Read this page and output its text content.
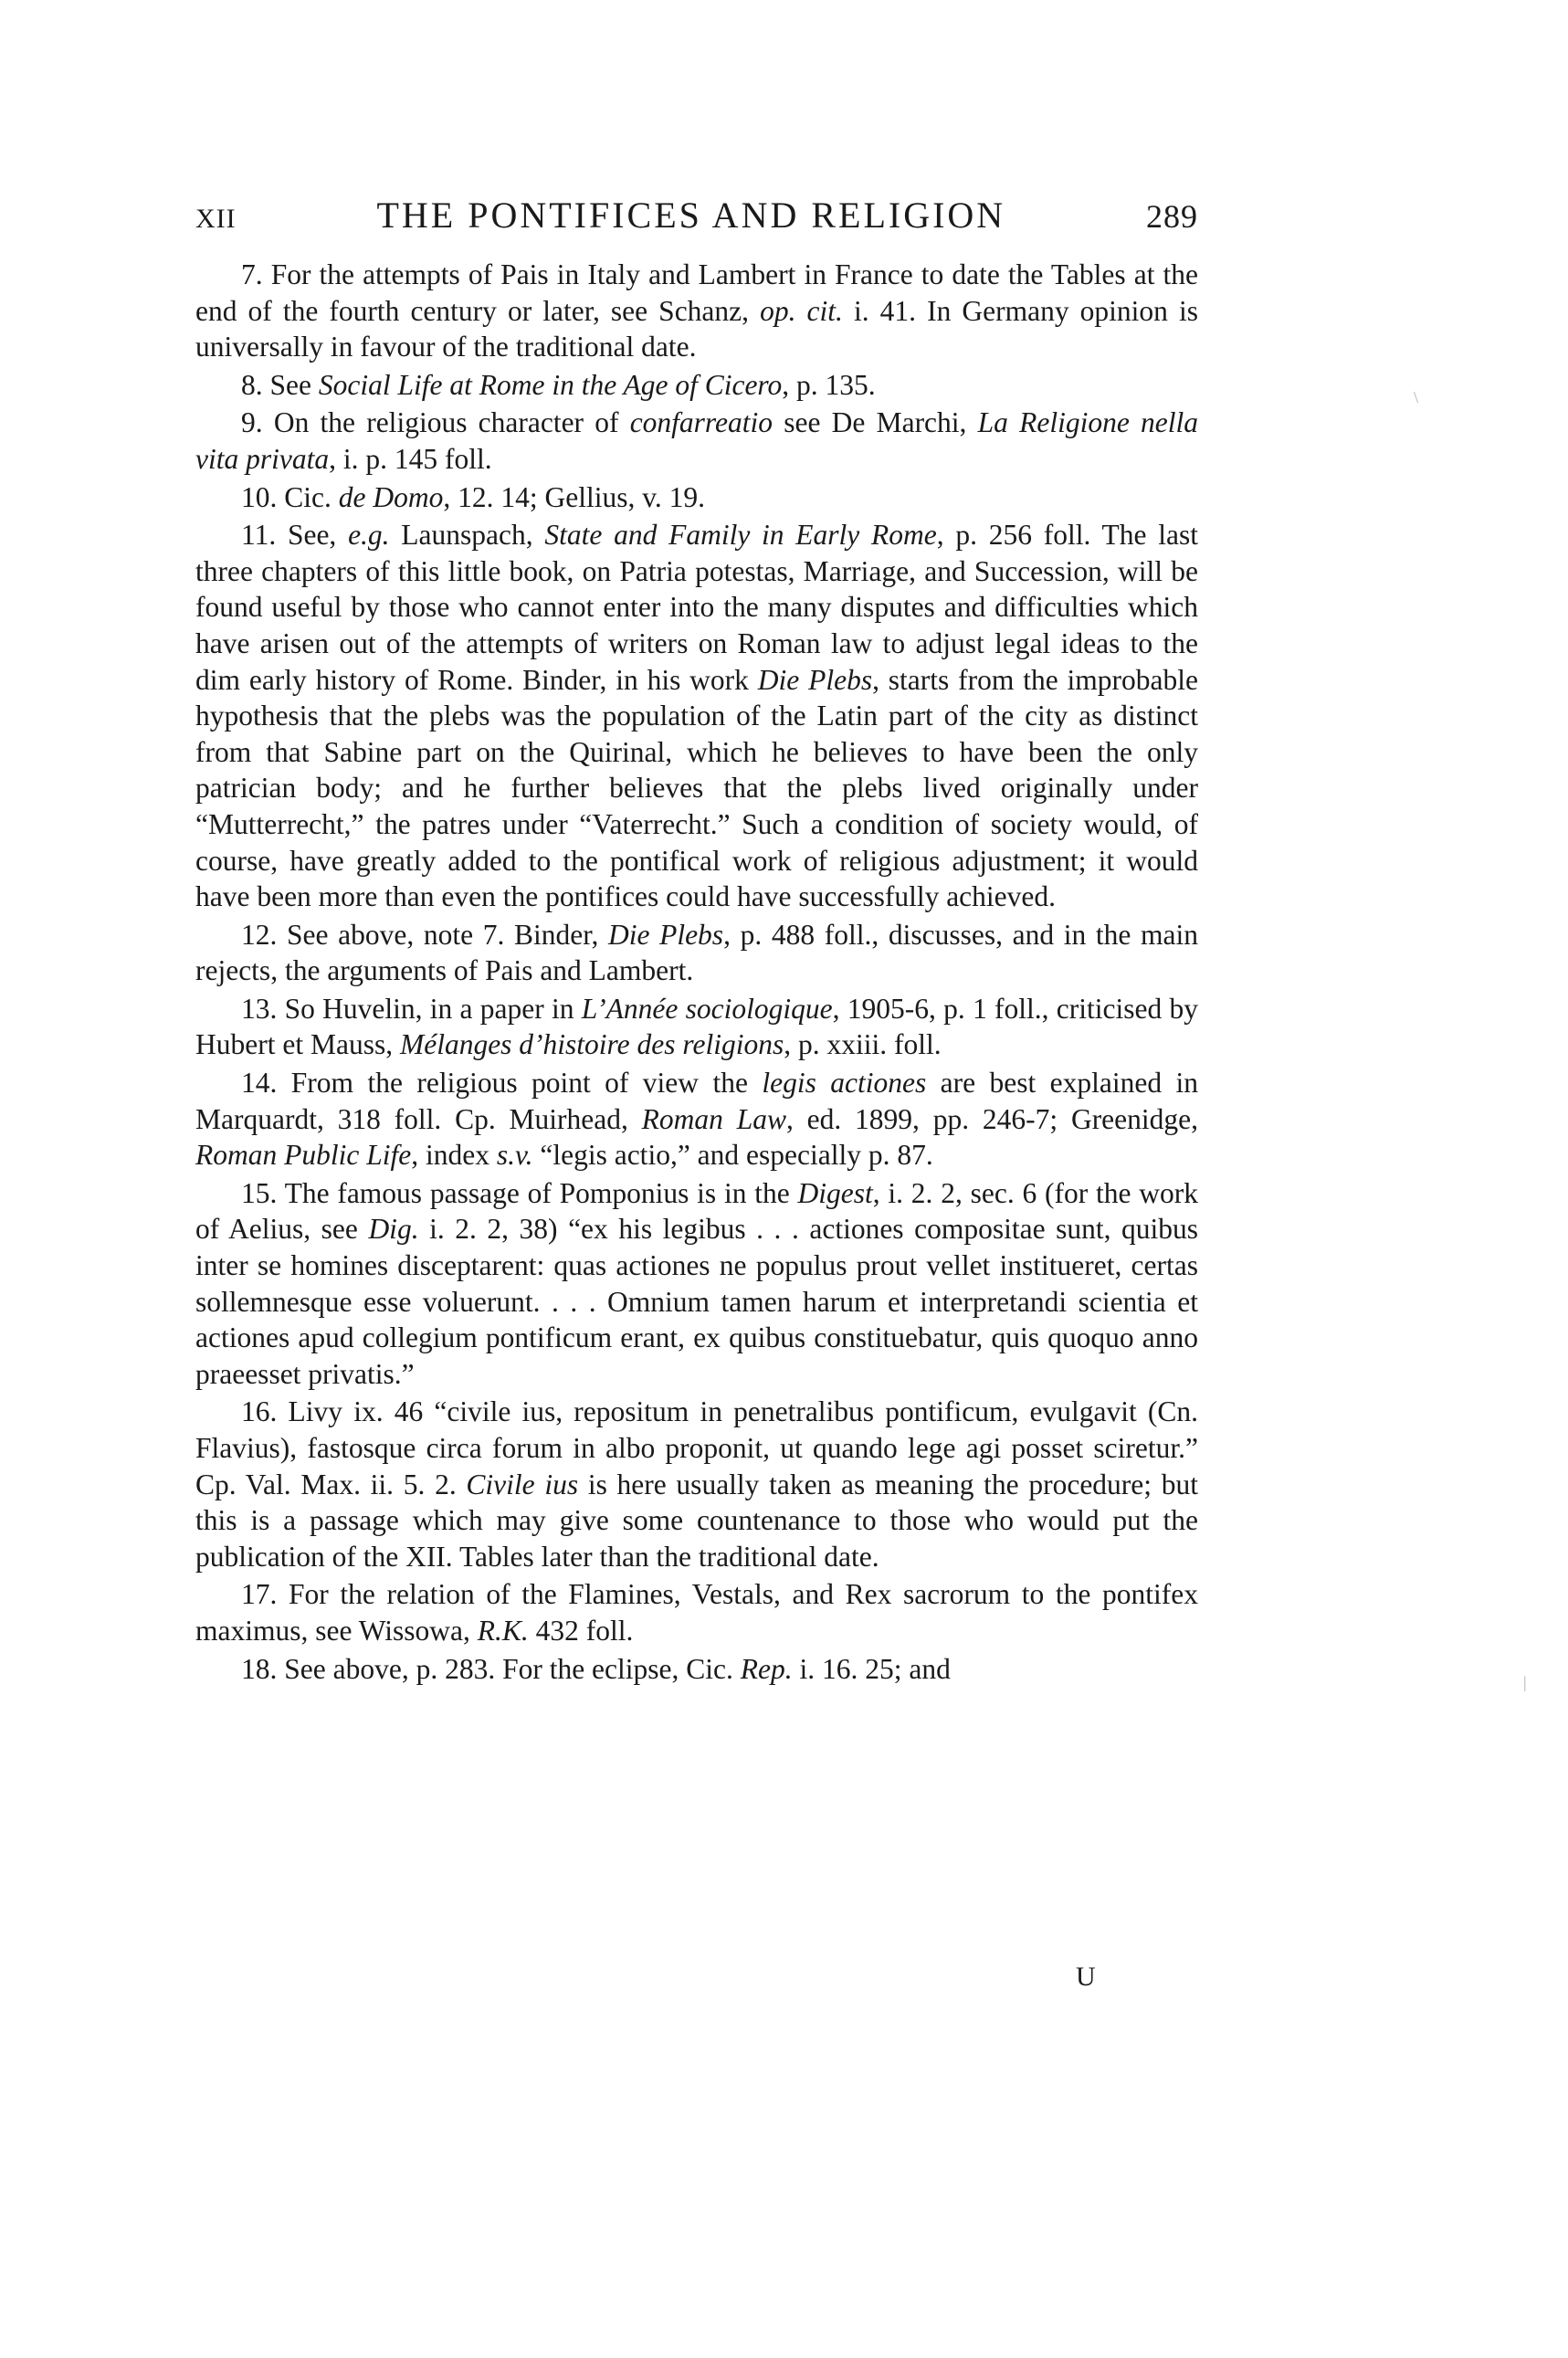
XII	THE PONTIFICES AND RELIGION	289

7. For the attempts of Pais in Italy and Lambert in France to date the Tables at the end of the fourth century or later, see Schanz, op. cit. i. 41. In Germany opinion is universally in favour of the traditional date.

8. See Social Life at Rome in the Age of Cicero, p. 135.

9. On the religious character of confarreatio see De Marchi, La Religione nella vita privata, i. p. 145 foll.

10. Cic. de Domo, 12. 14; Gellius, v. 19.

11. See, e.g. Launspach, State and Family in Early Rome, p. 256 foll. The last three chapters of this little book, on Patria potestas, Marriage, and Succession, will be found useful by those who cannot enter into the many disputes and difficulties which have arisen out of the attempts of writers on Roman law to adjust legal ideas to the dim early history of Rome. Binder, in his work Die Plebs, starts from the improbable hypothesis that the plebs was the population of the Latin part of the city as distinct from that Sabine part on the Quirinal, which he believes to have been the only patrician body; and he further believes that the plebs lived originally under “Mutterrecht,” the patres under “Vaterrecht.” Such a condition of society would, of course, have greatly added to the pontifical work of religious adjustment; it would have been more than even the pontifices could have successfully achieved.

12. See above, note 7. Binder, Die Plebs, p. 488 foll., discusses, and in the main rejects, the arguments of Pais and Lambert.

13. So Huvelin, in a paper in L’Année sociologique, 1905-6, p. 1 foll., criticised by Hubert et Mauss, Mélanges d’histoire des religions, p. xxiii. foll.

14. From the religious point of view the legis actiones are best explained in Marquardt, 318 foll. Cp. Muirhead, Roman Law, ed. 1899, pp. 246-7; Greenidge, Roman Public Life, index s.v. “legis actio,” and especially p. 87.

15. The famous passage of Pomponius is in the Digest, i. 2. 2, sec. 6 (for the work of Aelius, see Dig. i. 2. 2, 38) “ex his legibus . . . actiones compositae sunt, quibus inter se homines disceptarent: quas actiones ne populus prout vellet institueret, certas sollemnesque esse voluerunt. . . . Omnium tamen harum et interpretandi scientia et actiones apud collegium pontificum erant, ex quibus constituebatur, quis quoquo anno praeesset privatis.”

16. Livy ix. 46 “civile ius, repositum in penetralibus pontificum, evulgavit (Cn. Flavius), fastosque circa forum in albo proponit, ut quando lege agi posset sciretur.” Cp. Val. Max. ii. 5. 2. Civile ius is here usually taken as meaning the procedure; but this is a passage which may give some countenance to those who would put the publication of the XII. Tables later than the traditional date.

17. For the relation of the Flamines, Vestals, and Rex sacrorum to the pontifex maximus, see Wissowa, R.K. 432 foll.

18. See above, p. 283. For the eclipse, Cic. Rep. i. 16. 25; and

U
\
|
